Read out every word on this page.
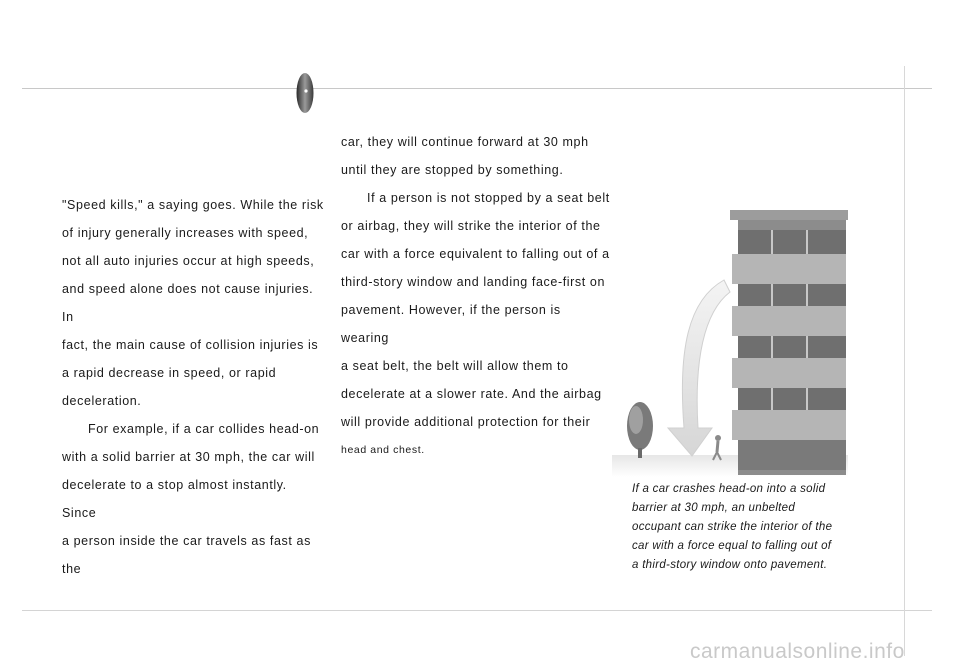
"Speed kills," a saying goes. While the risk

of injury generally increases with speed,

not all auto injuries occur at high speeds,

and speed alone does not cause injuries. In

fact, the main cause of collision injuries is

a rapid decrease in speed, or rapid

deceleration.

For example, if a car collides head-on

with a solid barrier at 30 mph, the car will

decelerate to a stop almost instantly. Since

a person inside the car travels as fast as the

car, they will continue forward at 30 mph

until they are stopped by something.

If a person is not stopped by a seat belt

or airbag, they will strike the interior of the

car with a force equivalent to falling out of a

third-story window and landing face-first on

pavement. However, if the person is wearing

a seat belt, the belt will allow them to

decelerate at a slower rate. And the airbag

will provide additional protection for their

head and chest.

If a car crashes head-on into a solid

barrier at 30 mph, an unbelted

occupant can strike the interior of the

car with a force equal to falling out of

a third-story window onto pavement.

carmanualsonline.info
